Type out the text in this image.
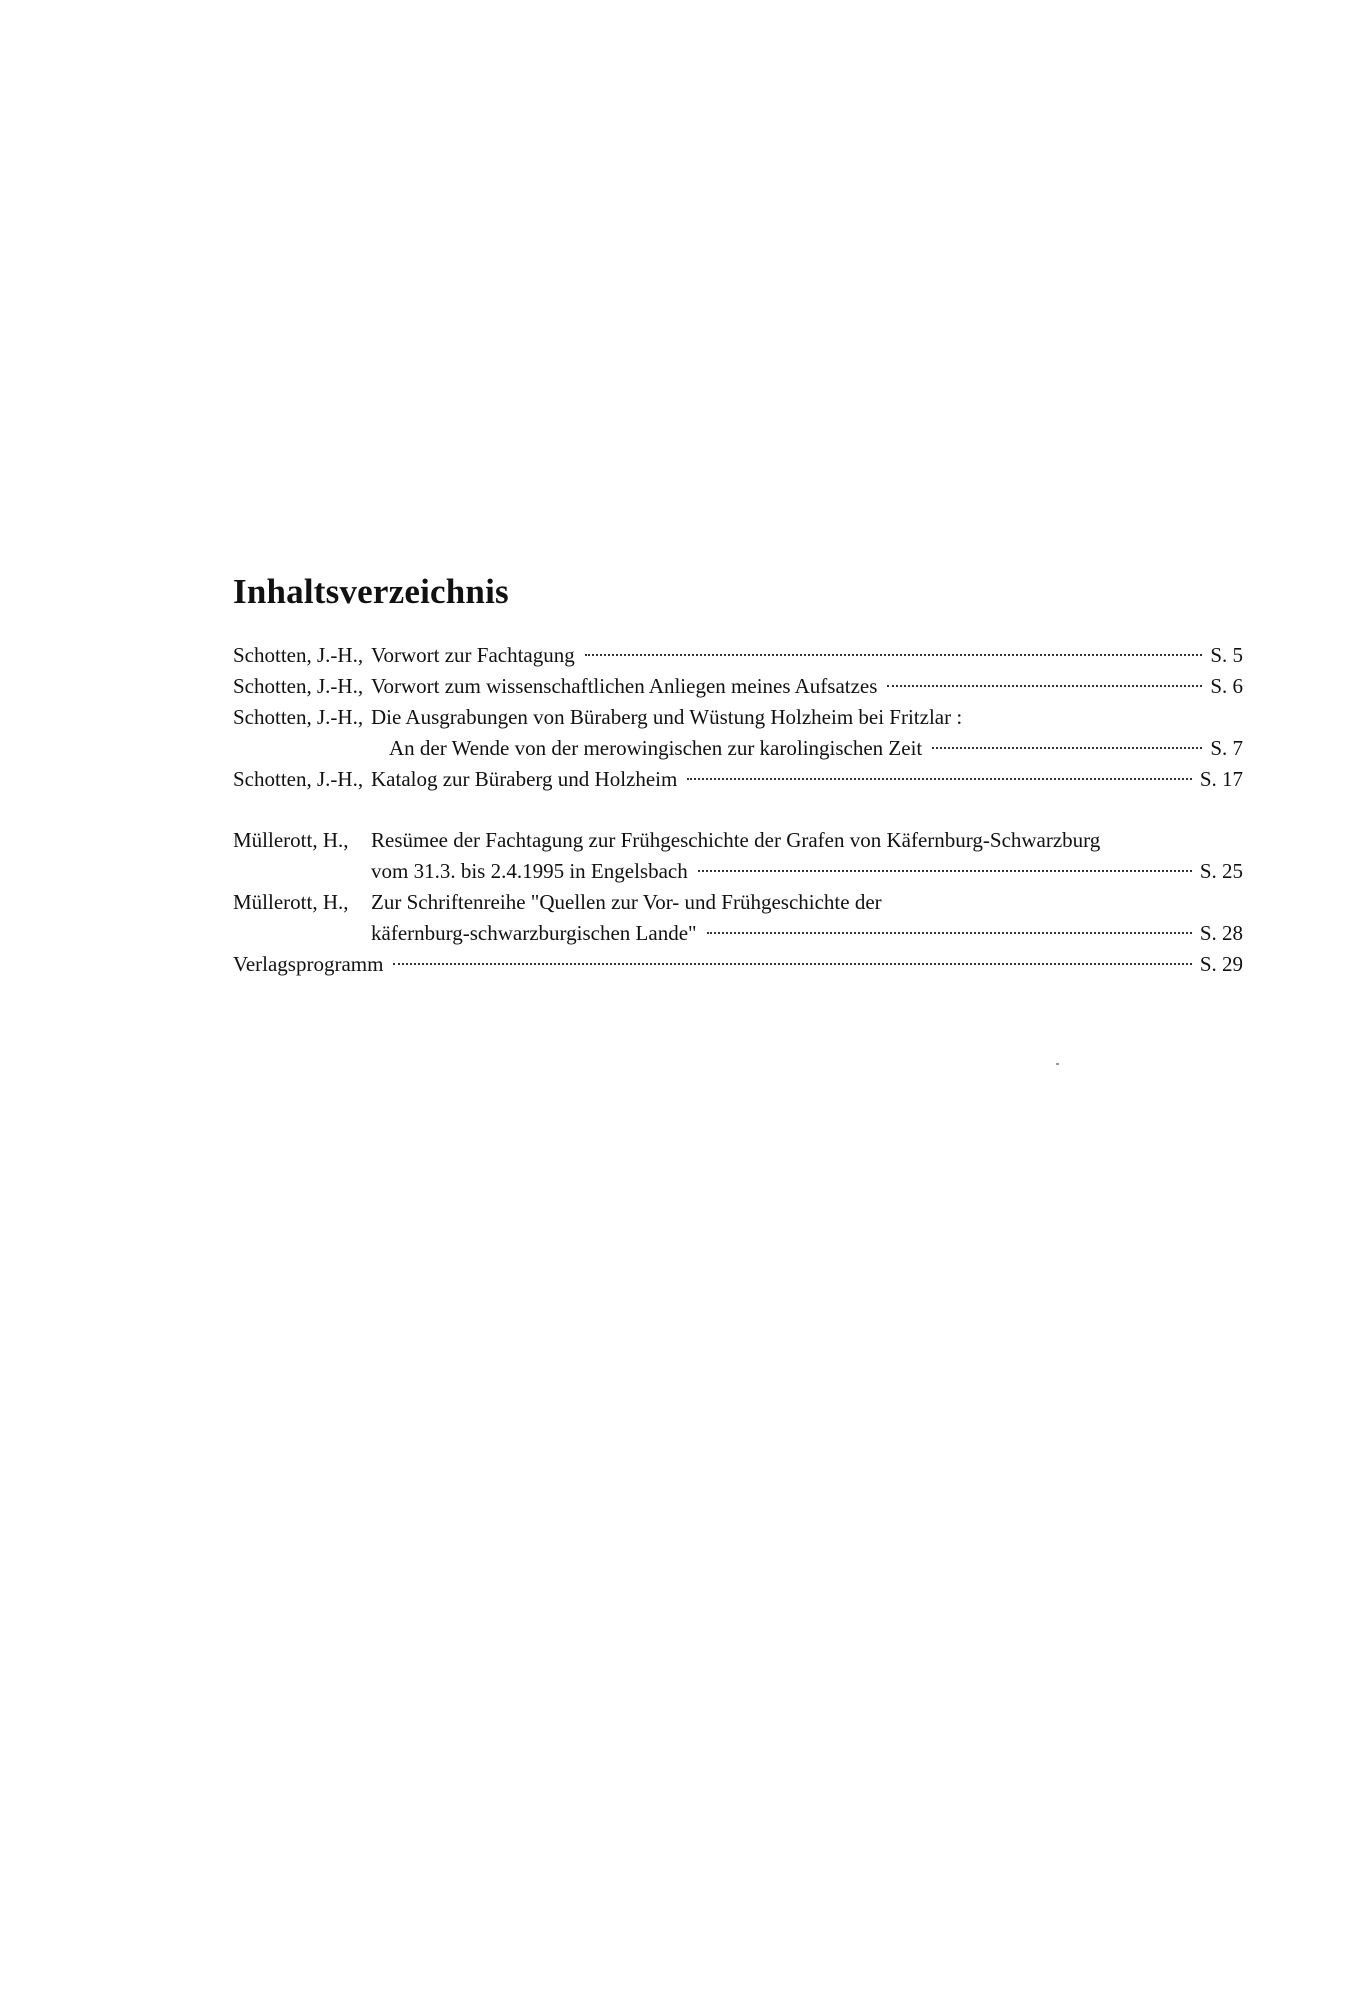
Inhaltsverzeichnis
Schotten, J.-H., Vorwort zur Fachtagung	S. 5
Schotten, J.-H., Vorwort zum wissenschaftlichen Anliegen meines Aufsatzes	S. 6
Schotten, J.-H., Die Ausgrabungen von Büraberg und Wüstung Holzheim bei Fritzlar :
An der Wende von der merowingischen zur karolingischen Zeit	S. 7
Schotten, J.-H., Katalog zur Büraberg und Holzheim	S. 17
Müllerott, H.,	Resümee der Fachtagung zur Frühgeschichte der Grafen von Käfernburg-Schwarzburg
vom 31.3. bis 2.4.1995 in Engelsbach	S. 25
Müllerott, H.,	Zur Schriftenreihe "Quellen zur Vor- und Frühgeschichte der
käfernburg-schwarzburgischen Lande"	S. 28
Verlagsprogramm	S. 29
